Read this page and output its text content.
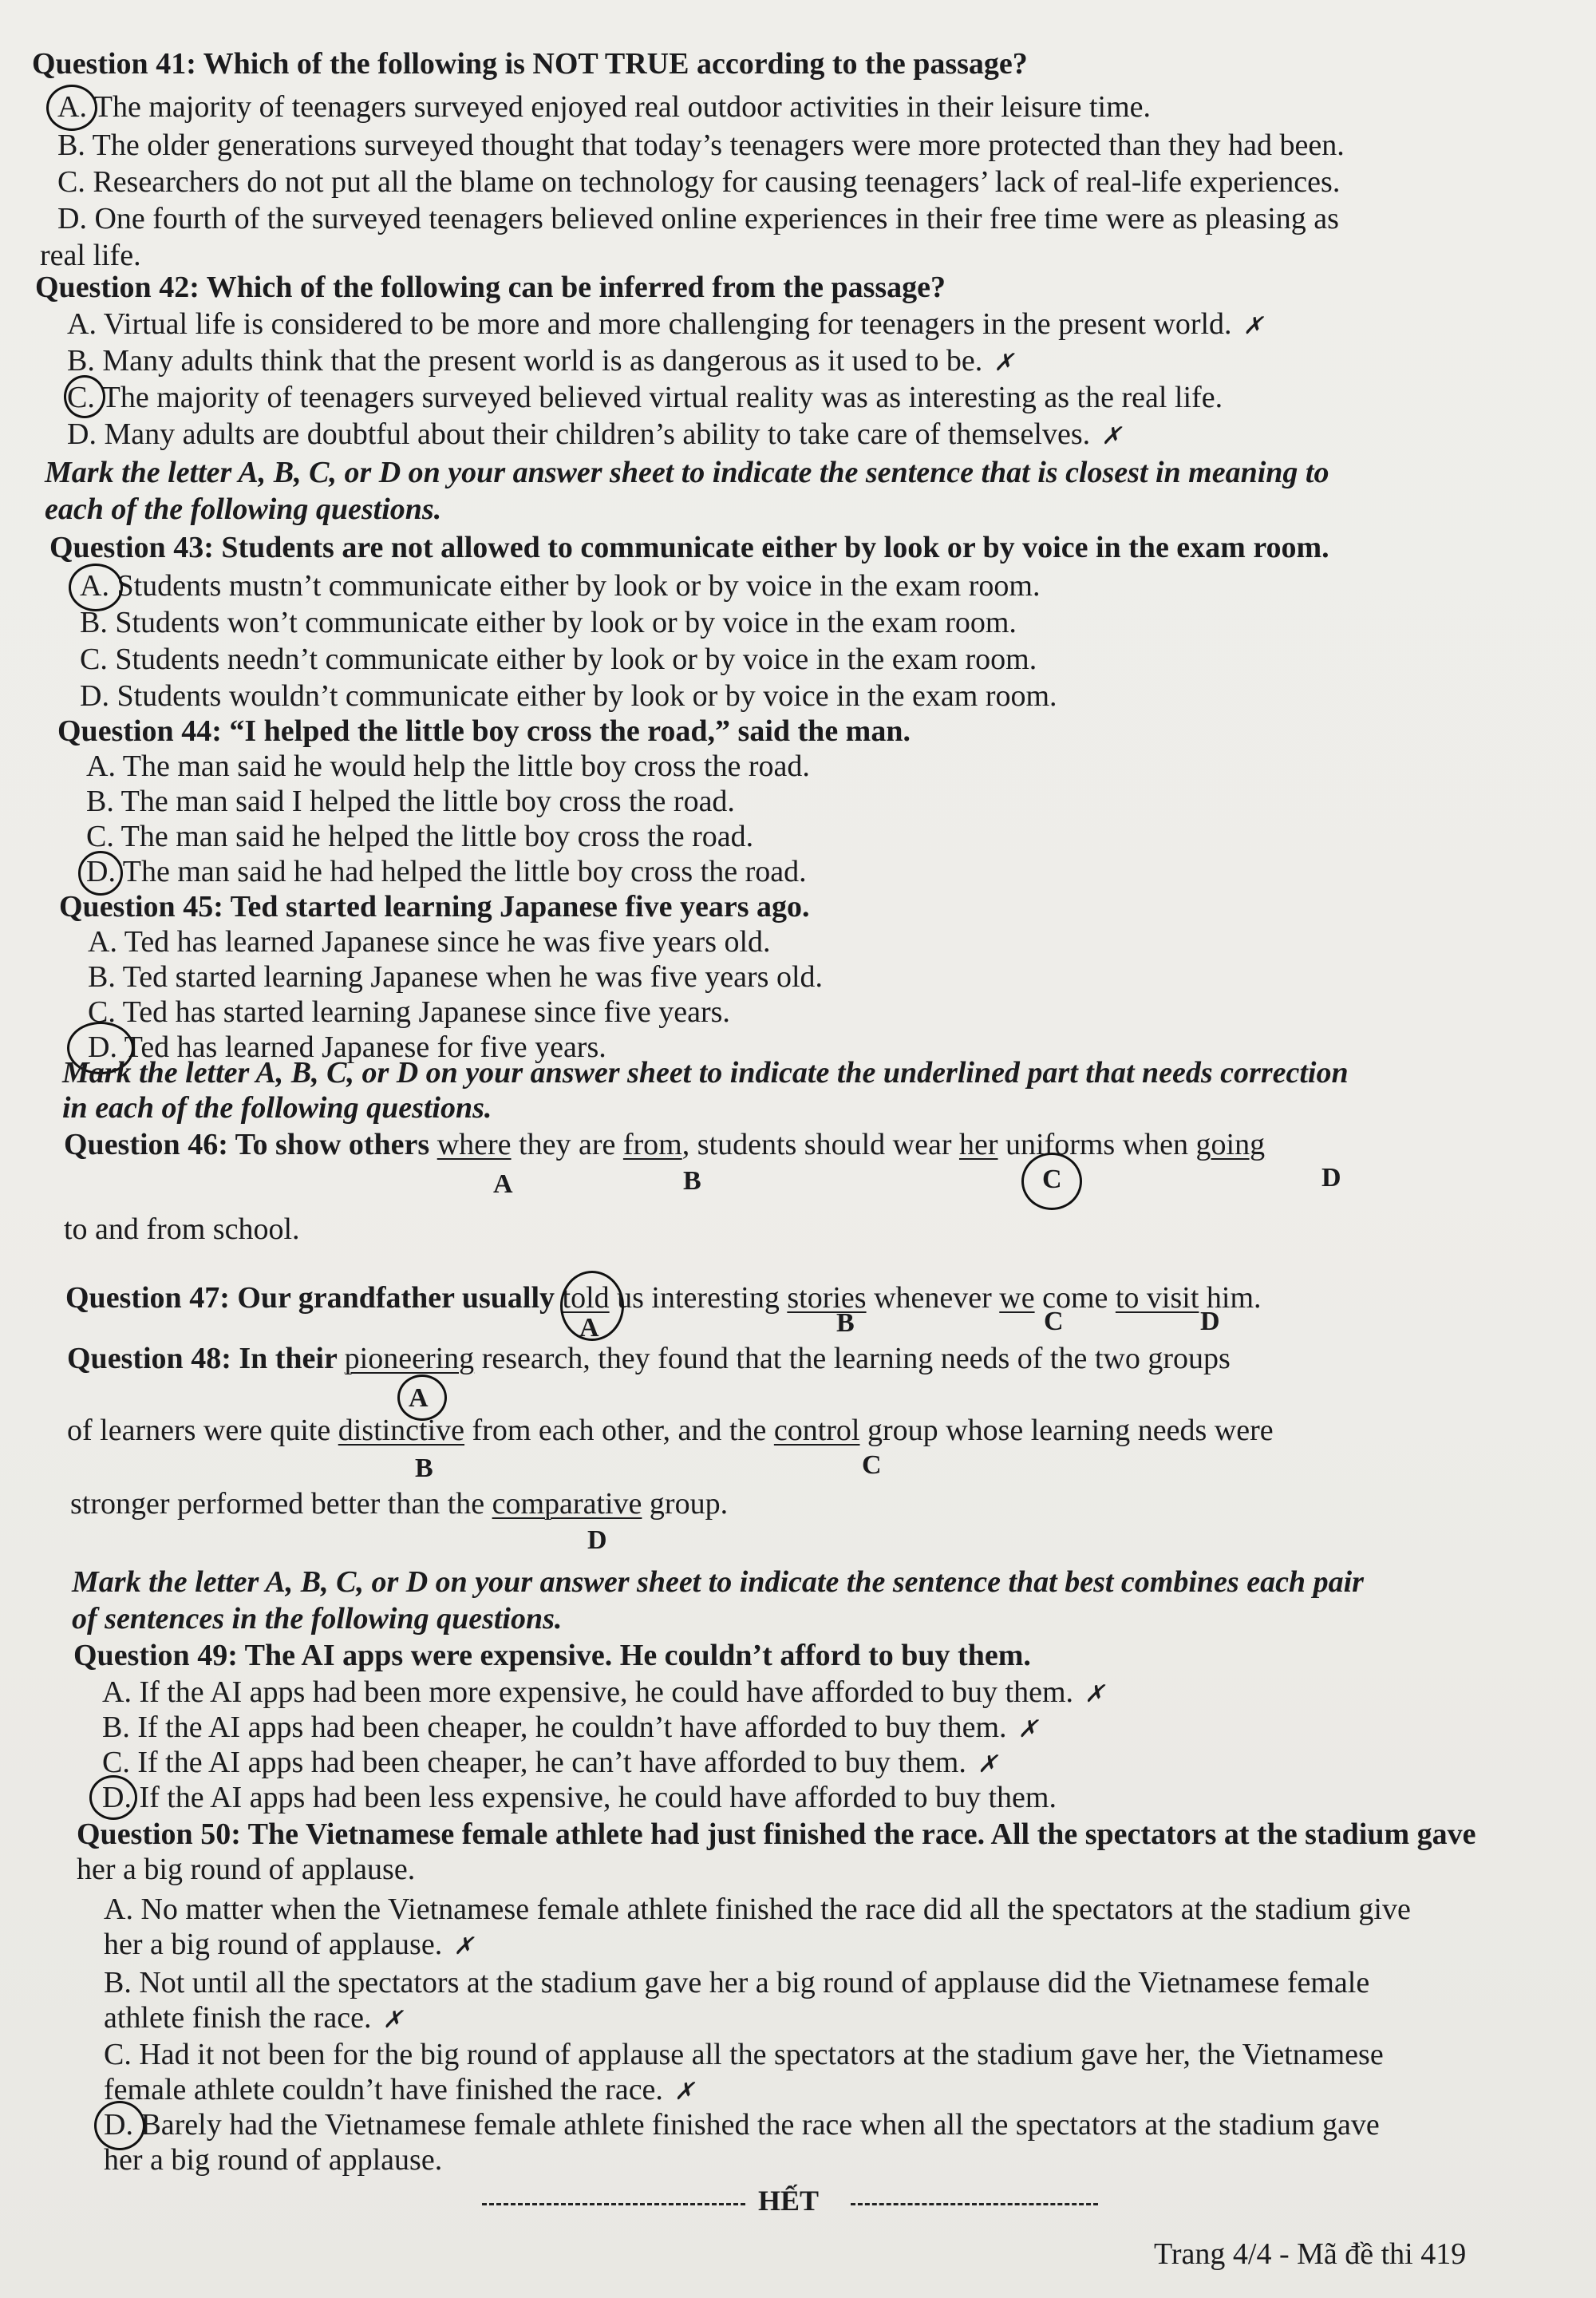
Question 41: Which of the following is NOT TRUE according to the passage?
A. The majority of teenagers surveyed enjoyed real outdoor activities in their leisure time.
B. The older generations surveyed thought that today’s teenagers were more protected than they had been.
C. Researchers do not put all the blame on technology for causing teenagers’ lack of real-life experiences.
D. One fourth of the surveyed teenagers believed online experiences in their free time were as pleasing as
real life.
Question 42: Which of the following can be inferred from the passage?
A. Virtual life is considered to be more and more challenging for teenagers in the present world. ✗
B. Many adults think that the present world is as dangerous as it used to be. ✗
C. The majority of teenagers surveyed believed virtual reality was as interesting as the real life.
D. Many adults are doubtful about their children’s ability to take care of themselves. ✗
Mark the letter A, B, C, or D on your answer sheet to indicate the sentence that is closest in meaning to
each of the following questions.
Question 43: Students are not allowed to communicate either by look or by voice in the exam room.
A. Students mustn’t communicate either by look or by voice in the exam room.
B. Students won’t communicate either by look or by voice in the exam room.
C. Students needn’t communicate either by look or by voice in the exam room.
D. Students wouldn’t communicate either by look or by voice in the exam room.
Question 44: “I helped the little boy cross the road,” said the man.
A. The man said he would help the little boy cross the road.
B. The man said I helped the little boy cross the road.
C. The man said he helped the little boy cross the road.
D. The man said he had helped the little boy cross the road.
Question 45: Ted started learning Japanese five years ago.
A. Ted has learned Japanese since he was five years old.
B. Ted started learning Japanese when he was five years old.
C. Ted has started learning Japanese since five years.
D. Ted has learned Japanese for five years.
Mark the letter A, B, C, or D on your answer sheet to indicate the underlined part that needs correction
in each of the following questions.
Question 46: To show others where they are from, students should wear her uniforms when going
A	B	C	D
to and from school.
Question 47: Our grandfather usually told us interesting stories whenever we come to visit him.
A	B	C	D
Question 48: In their pioneering research, they found that the learning needs of the two groups
A
of learners were quite distinctive from each other, and the control group whose learning needs were
B	C
stronger performed better than the comparative group.
D
Mark the letter A, B, C, or D on your answer sheet to indicate the sentence that best combines each pair
of sentences in the following questions.
Question 49: The AI apps were expensive. He couldn’t afford to buy them.
A. If the AI apps had been more expensive, he could have afforded to buy them. ✗
B. If the AI apps had been cheaper, he couldn’t have afforded to buy them. ✗
C. If the AI apps had been cheaper, he can’t have afforded to buy them. ✗
D. If the AI apps had been less expensive, he could have afforded to buy them.
Question 50: The Vietnamese female athlete had just finished the race. All the spectators at the stadium gave
her a big round of applause.
A. No matter when the Vietnamese female athlete finished the race did all the spectators at the stadium give
her a big round of applause. ✗
B. Not until all the spectators at the stadium gave her a big round of applause did the Vietnamese female
athlete finish the race. ✗
C. Had it not been for the big round of applause all the spectators at the stadium gave her, the Vietnamese
female athlete couldn’t have finished the race. ✗
D. Barely had the Vietnamese female athlete finished the race when all the spectators at the stadium gave
her a big round of applause.
HẾT
Trang 4/4 - Mã đề thi 419
